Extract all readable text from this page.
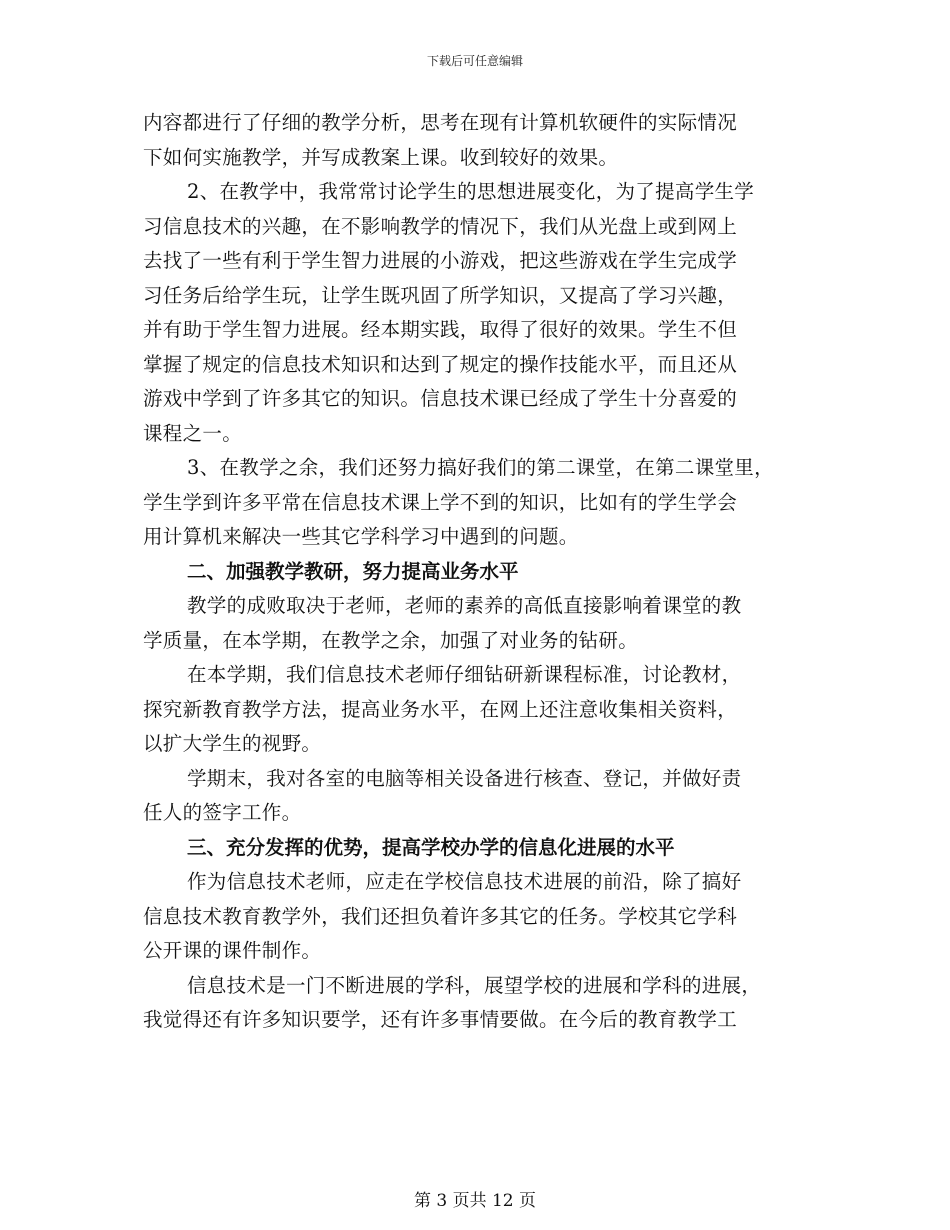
下载后可任意编辑
内容都进行了仔细的教学分析，思考在现有计算机软硬件的实际情况
下如何实施教学，并写成教案上课。收到较好的效果。
2、在教学中，我常常讨论学生的思想进展变化，为了提高学生学
习信息技术的兴趣，在不影响教学的情况下，我们从光盘上或到网上
去找了一些有利于学生智力进展的小游戏，把这些游戏在学生完成学
习任务后给学生玩，让学生既巩固了所学知识，又提高了学习兴趣，
并有助于学生智力进展。经本期实践，取得了很好的效果。学生不但
掌握了规定的信息技术知识和达到了规定的操作技能水平，而且还从
游戏中学到了许多其它的知识。信息技术课已经成了学生十分喜爱的
课程之一。
3、在教学之余，我们还努力搞好我们的第二课堂，在第二课堂里，
学生学到许多平常在信息技术课上学不到的知识，比如有的学生学会
用计算机来解决一些其它学科学习中遇到的问题。
二、加强教学教研，努力提高业务水平
教学的成败取决于老师，老师的素养的高低直接影响着课堂的教
学质量，在本学期，在教学之余，加强了对业务的钻研。
在本学期，我们信息技术老师仔细钻研新课程标准，讨论教材，
探究新教育教学方法，提高业务水平，在网上还注意收集相关资料，
以扩大学生的视野。
学期末，我对各室的电脑等相关设备进行核查、登记，并做好责
任人的签字工作。
三、充分发挥的优势，提高学校办学的信息化进展的水平
作为信息技术老师，应走在学校信息技术进展的前沿，除了搞好
信息技术教育教学外，我们还担负着许多其它的任务。学校其它学科
公开课的课件制作。
信息技术是一门不断进展的学科，展望学校的进展和学科的进展，
我觉得还有许多知识要学，还有许多事情要做。在今后的教育教学工
第 3 页共 12 页
